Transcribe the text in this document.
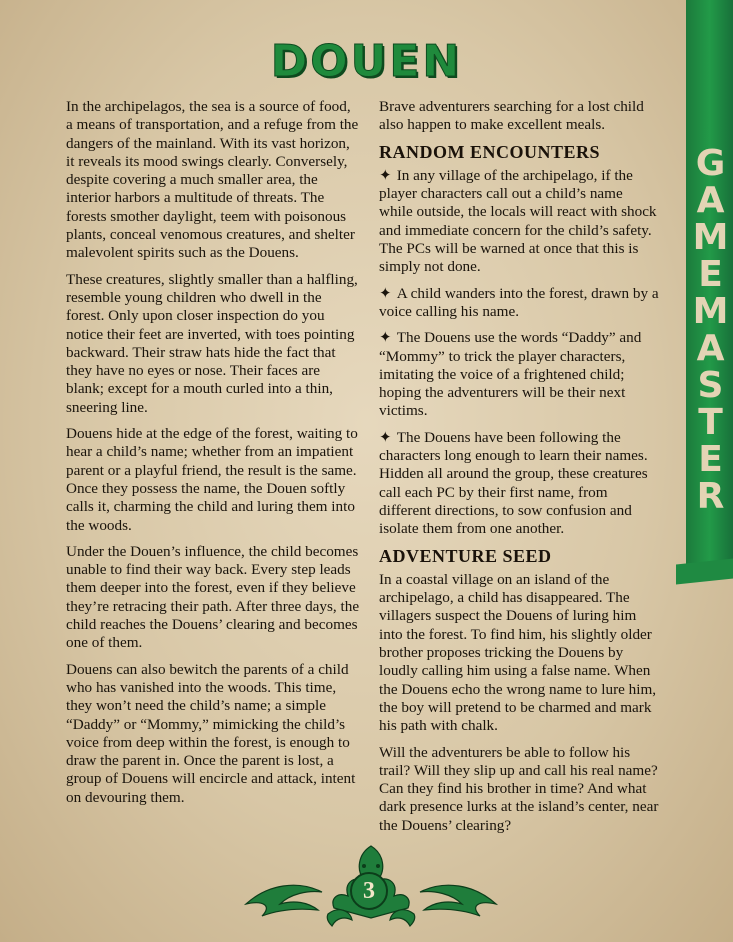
GAMEMASTER
DOUEN

In the archipelagos, the sea is a source of food, a means of transportation, and a refuge from the dangers of the mainland. With its vast horizon, it reveals its mood swings clearly. Conversely, despite covering a much smaller area, the interior harbors a multitude of threats. The forests smother daylight, teem with poisonous plants, conceal venomous creatures, and shelter malevolent spirits such as the Douens.

These creatures, slightly smaller than a halfling, resemble young children who dwell in the forest. Only upon closer inspection do you notice their feet are inverted, with toes pointing backward. Their straw hats hide the fact that they have no eyes or nose. Their faces are blank; except for a mouth curled into a thin, sneering line.

Douens hide at the edge of the forest, waiting to hear a child’s name; whether from an impatient parent or a playful friend, the result is the same. Once they possess the name, the Douen softly calls it, charming the child and luring them into the woods.

Under the Douen’s influence, the child becomes unable to find their way back. Every step leads them deeper into the forest, even if they believe they’re retracing their path. After three days, the child reaches the Douens’ clearing and becomes one of them.

Douens can also bewitch the parents of a child who has vanished into the woods. This time, they won’t need the child’s name; a simple “Daddy” or “Mommy,” mimicking the child’s voice from deep within the forest, is enough to draw the parent in. Once the parent is lost, a group of Douens will encircle and attack, intent on devouring them.

Brave adventurers searching for a lost child also happen to make excellent meals.

RANDOM ENCOUNTERS

✦ In any village of the archipelago, if the player characters call out a child’s name while outside, the locals will react with shock and immediate concern for the child’s safety. The PCs will be warned at once that this is simply not done.

✦ A child wanders into the forest, drawn by a voice calling his name.

✦ The Douens use the words “Daddy” and “Mommy” to trick the player characters, imitating the voice of a frightened child; hoping the adventurers will be their next victims.

✦ The Douens have been following the characters long enough to learn their names. Hidden all around the group, these creatures call each PC by their first name, from different directions, to sow confusion and isolate them from one another.

ADVENTURE SEED

In a coastal village on an island of the archipelago, a child has disappeared. The villagers suspect the Douens of luring him into the forest. To find him, his slightly older brother proposes tricking the Douens by loudly calling him using a false name. When the Douens echo the wrong name to lure him, the boy will pretend to be charmed and mark his path with chalk.

Will the adventurers be able to follow his trail? Will they slip up and call his real name? Can they find his brother in time? And what dark presence lurks at the island’s center, near the Douens’ clearing?

3
